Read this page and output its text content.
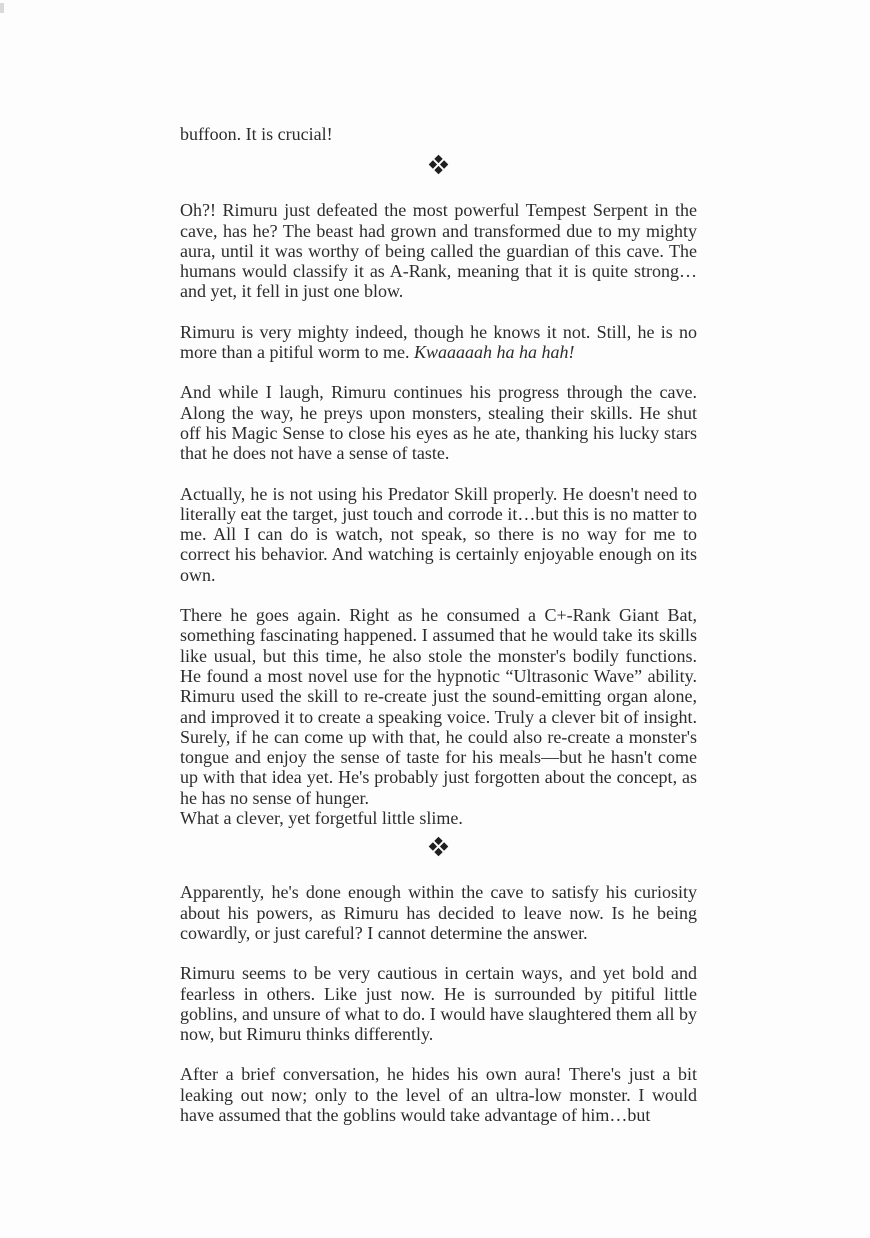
buffoon. It is crucial!

Oh?! Rimuru just defeated the most powerful Tempest Serpent in the cave, has he? The beast had grown and transformed due to my mighty aura, until it was worthy of being called the guardian of this cave. The humans would classify it as A-Rank, meaning that it is quite strong…and yet, it fell in just one blow.

Rimuru is very mighty indeed, though he knows it not. Still, he is no more than a pitiful worm to me. Kwaaaaah ha ha hah!

And while I laugh, Rimuru continues his progress through the cave. Along the way, he preys upon monsters, stealing their skills. He shut off his Magic Sense to close his eyes as he ate, thanking his lucky stars that he does not have a sense of taste.

Actually, he is not using his Predator Skill properly. He doesn't need to literally eat the target, just touch and corrode it…but this is no matter to me. All I can do is watch, not speak, so there is no way for me to correct his behavior. And watching is certainly enjoyable enough on its own.

There he goes again. Right as he consumed a C+-Rank Giant Bat, something fascinating happened. I assumed that he would take its skills like usual, but this time, he also stole the monster's bodily functions. He found a most novel use for the hypnotic “Ultrasonic Wave” ability. Rimuru used the skill to re-create just the sound-emitting organ alone, and improved it to create a speaking voice. Truly a clever bit of insight. Surely, if he can come up with that, he could also re-create a monster's tongue and enjoy the sense of taste for his meals—but he hasn't come up with that idea yet. He's probably just forgotten about the concept, as he has no sense of hunger.
What a clever, yet forgetful little slime.

Apparently, he's done enough within the cave to satisfy his curiosity about his powers, as Rimuru has decided to leave now. Is he being cowardly, or just careful? I cannot determine the answer.

Rimuru seems to be very cautious in certain ways, and yet bold and fearless in others. Like just now. He is surrounded by pitiful little goblins, and unsure of what to do. I would have slaughtered them all by now, but Rimuru thinks differently.

After a brief conversation, he hides his own aura! There's just a bit leaking out now; only to the level of an ultra-low monster. I would have assumed that the goblins would take advantage of him…but
